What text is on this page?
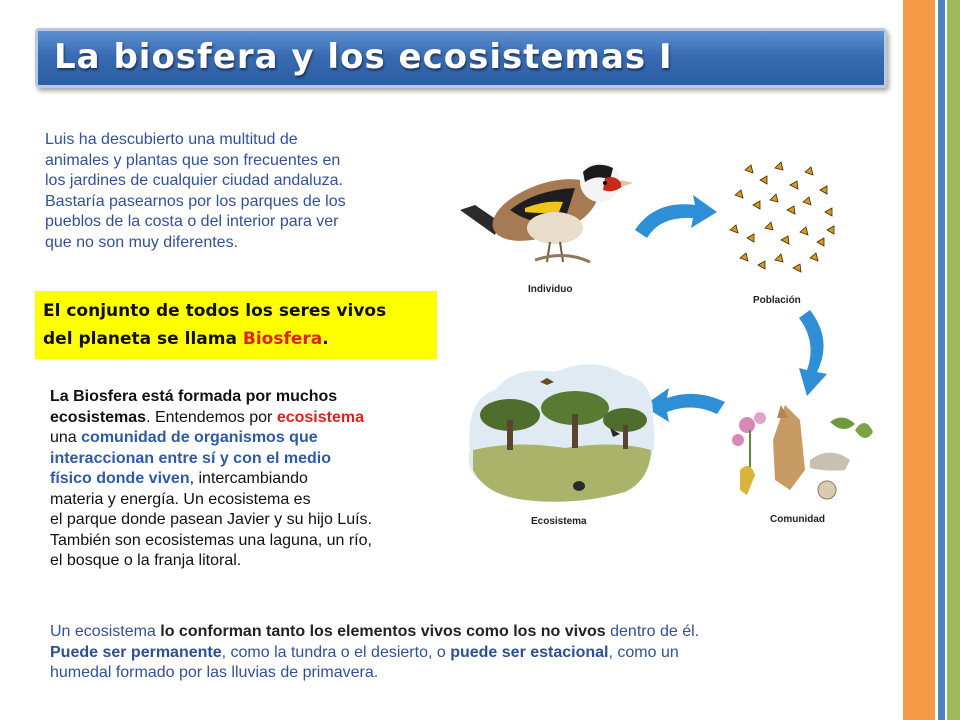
La biosfera y los ecosistemas I
Luis ha descubierto una multitud de
animales y plantas que son frecuentes en
los jardines de cualquier ciudad andaluza.
Bastaría pasearnos por los parques de los
pueblos de la costa o del interior para ver
que no son muy diferentes.
El conjunto de todos los seres vivos
del planeta se llama Biosfera.
La Biosfera está formada por muchos
ecosistemas. Entendemos por ecosistema
una comunidad de organismos que
interaccionan entre sí y con el medio
físico donde viven, intercambiando
materia y energía. Un ecosistema es
el parque donde pasean Javier y su hijo Luís.
También son ecosistemas una laguna, un río,
el bosque o la franja litoral.
Un ecosistema lo conforman tanto los elementos vivos como los no vivos dentro de él.
Puede ser permanente, como la tundra o el desierto, o puede ser estacional, como un
humedal formado por las lluvias de primavera.
Individuo
Población
Comunidad
Ecosistema
